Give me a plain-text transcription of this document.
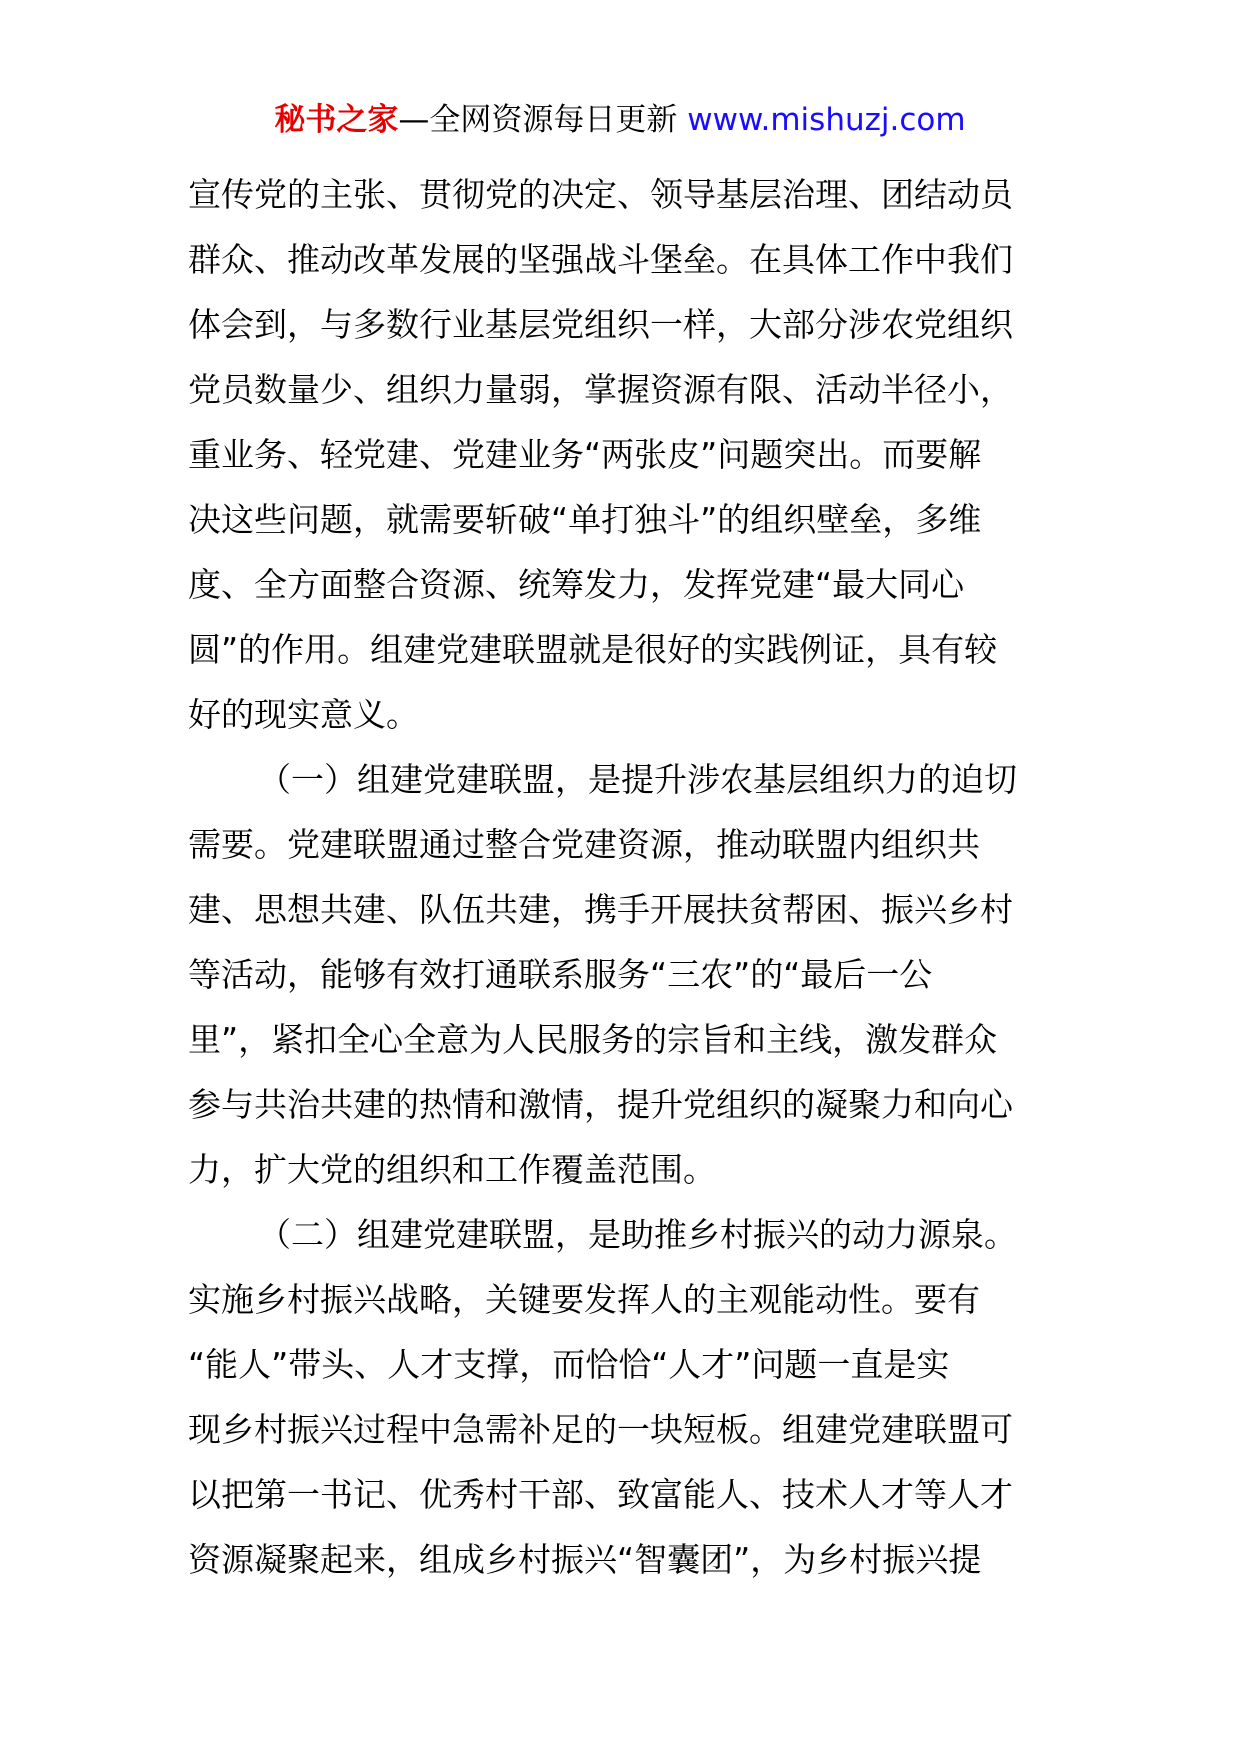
秘书之家—全网资源每日更新 www.mishuzj.com
宣传党的主张、贯彻党的决定、领导基层治理、团结动员
群众、推动改革发展的坚强战斗堡垒。在具体工作中我们
体会到，与多数行业基层党组织一样，大部分涉农党组织
党员数量少、组织力量弱，掌握资源有限、活动半径小，
重业务、轻党建、党建业务“两张皮”问题突出。而要解
决这些问题，就需要斩破“单打独斗”的组织壁垒，多维
度、全方面整合资源、统筹发力，发挥党建“最大同心
圆”的作用。组建党建联盟就是很好的实践例证，具有较
好的现实意义。
（一）组建党建联盟，是提升涉农基层组织力的迫切
需要。党建联盟通过整合党建资源，推动联盟内组织共
建、思想共建、队伍共建，携手开展扶贫帮困、振兴乡村
等活动，能够有效打通联系服务“三农”的“最后一公
里”，紧扣全心全意为人民服务的宗旨和主线，激发群众
参与共治共建的热情和激情，提升党组织的凝聚力和向心
力，扩大党的组织和工作覆盖范围。
（二）组建党建联盟，是助推乡村振兴的动力源泉。
实施乡村振兴战略，关键要发挥人的主观能动性。要有
“能人”带头、人才支撑，而恰恰“人才”问题一直是实
现乡村振兴过程中急需补足的一块短板。组建党建联盟可
以把第一书记、优秀村干部、致富能人、技术人才等人才
资源凝聚起来，组成乡村振兴“智囊团”，为乡村振兴提
